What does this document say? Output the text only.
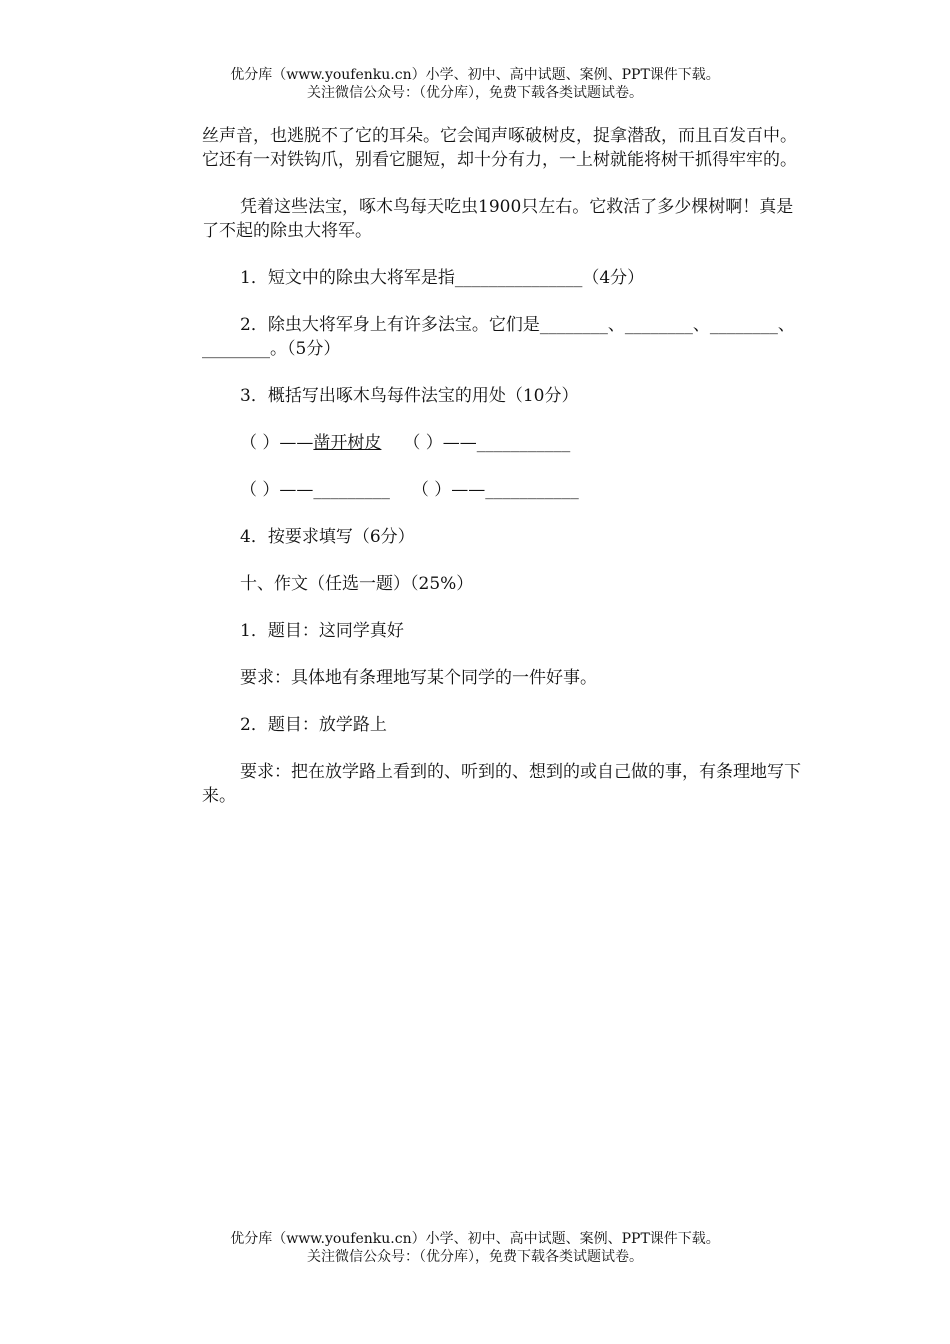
优分库（www.youfenku.cn）小学、初中、高中试题、案例、PPT课件下载。
关注微信公众号：（优分库），免费下载各类试题试卷。

丝声音，也逃脱不了它的耳朵。它会闻声啄破树皮，捉拿潜敌，而且百发百中。它还有一对铁钩爪，别看它腿短，却十分有力，一上树就能将树干抓得牢牢的。

凭着这些法宝，啄木鸟每天吃虫1900只左右。它救活了多少棵树啊！真是了不起的除虫大将军。

1．短文中的除虫大将军是指_______________（4分）

2．除虫大将军身上有许多法宝。它们是________、________、________、________。（5分）

3．概括写出啄木鸟每件法宝的用处（10分）

（ ）——凿开树皮 （ ）——___________

（ ）——_________ （ ）——___________

4．按要求填写（6分）

十、作文（任选一题）（25%）

1．题目：这同学真好

要求：具体地有条理地写某个同学的一件好事。

2．题目：放学路上

要求：把在放学路上看到的、听到的、想到的或自己做的事，有条理地写下来。

优分库（www.youfenku.cn）小学、初中、高中试题、案例、PPT课件下载。
关注微信公众号：（优分库），免费下载各类试题试卷。
